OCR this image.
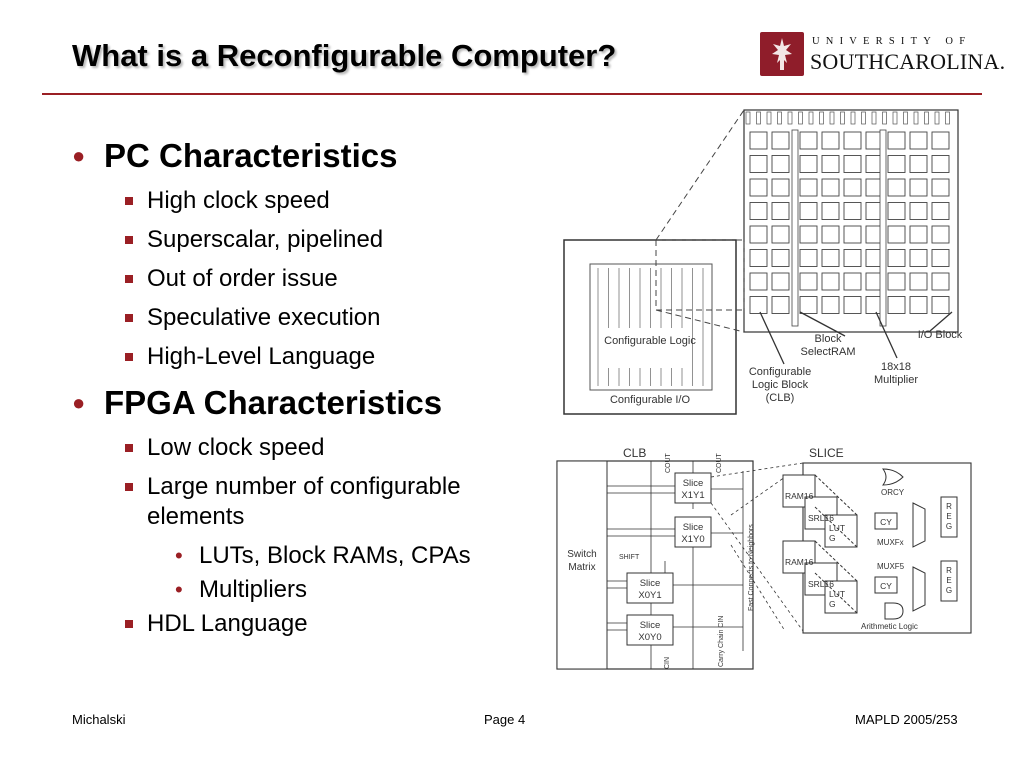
What is a Reconfigurable Computer?	UNIVERSITY OF
SOUTHCAROLINA.
● PC Characteristics
High clock speed
Superscalar, pipelined
Out of order issue
Speculative execution
High-Level Language
● FPGA Characteristics
Low clock speed
Large number of configurable elements
• LUTs, Block RAMs, CPAs
• Multipliers
HDL Language
Configurable Logic
Configurable I/O
Configurable
Logic Block
(CLB)
Block
SelectRAM
18x18
Multiplier
I/O Block
CLB
Switch
Matrix
Slice
X1Y1
Slice
X1Y0
Slice
X0Y1
Slice
X0Y0
SHIFT
COUT	COUT
CIN
Fast Connects to Neighbors
Carry Chain CIN
SLICE
RAM16
SRL16
LUT
G
RAM16
SRL16
LUT
G
CY
CY
MUXFx
MUXF5
R
E
G
R
E
G
ORCY
Arithmetic Logic
Michalski	Page 4	MAPLD 2005/253
